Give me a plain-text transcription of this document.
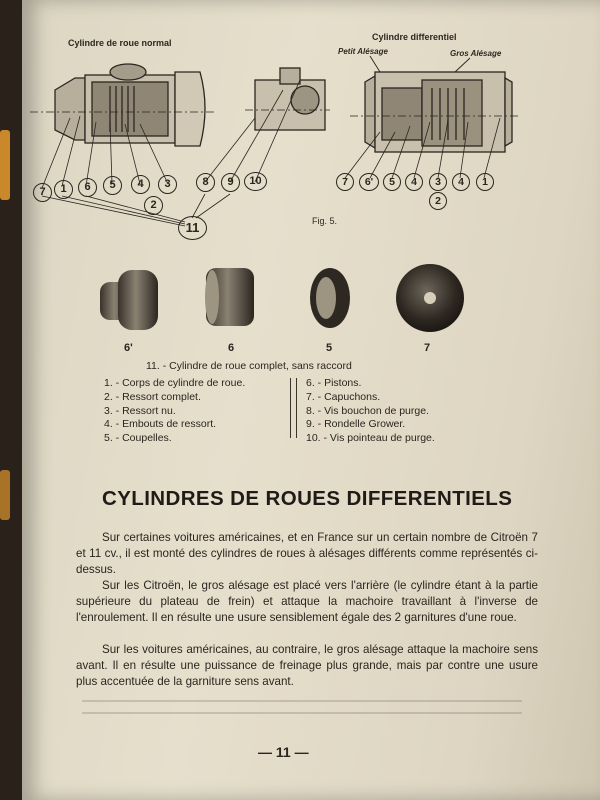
Cylindre de roue normal
Cylindre differentiel
Petit Alésage	Gros Alésage
Fig. 5.
7	1	6	5	4	3	8	9	10
2
11
7	6'	5	4	3	4	1
2
6'	6	5	7
11. - Cylindre de roue complet, sans raccord
1. - Corps de cylindre de roue.
2. - Ressort complet.
3. - Ressort nu.
4. - Embouts de ressort.
5. - Coupelles.
6. - Pistons.
7. - Capuchons.
8. - Vis bouchon de purge.
9. - Rondelle Grower.
10. - Vis pointeau de purge.
CYLINDRES DE ROUES DIFFERENTIELS

Sur certaines voitures américaines, et en France sur un certain nombre de Citroën 7 et 11 cv., il est monté des cylindres de roues à alésages différents comme représentés ci-dessus.

Sur les Citroën, le gros alésage est placé vers l'arrière (le cylindre étant à la partie supérieure du plateau de frein) et attaque la machoire travaillant à l'inverse de l'enroulement. Il en résulte une usure sensiblement égale des 2 garnitures d'une roue.

Sur les voitures américaines, au contraire, le gros alésage attaque la machoire sens avant. Il en résulte une puissance de freinage plus grande, mais par contre une usure plus accentuée de la garniture sens avant.

— 11 —
